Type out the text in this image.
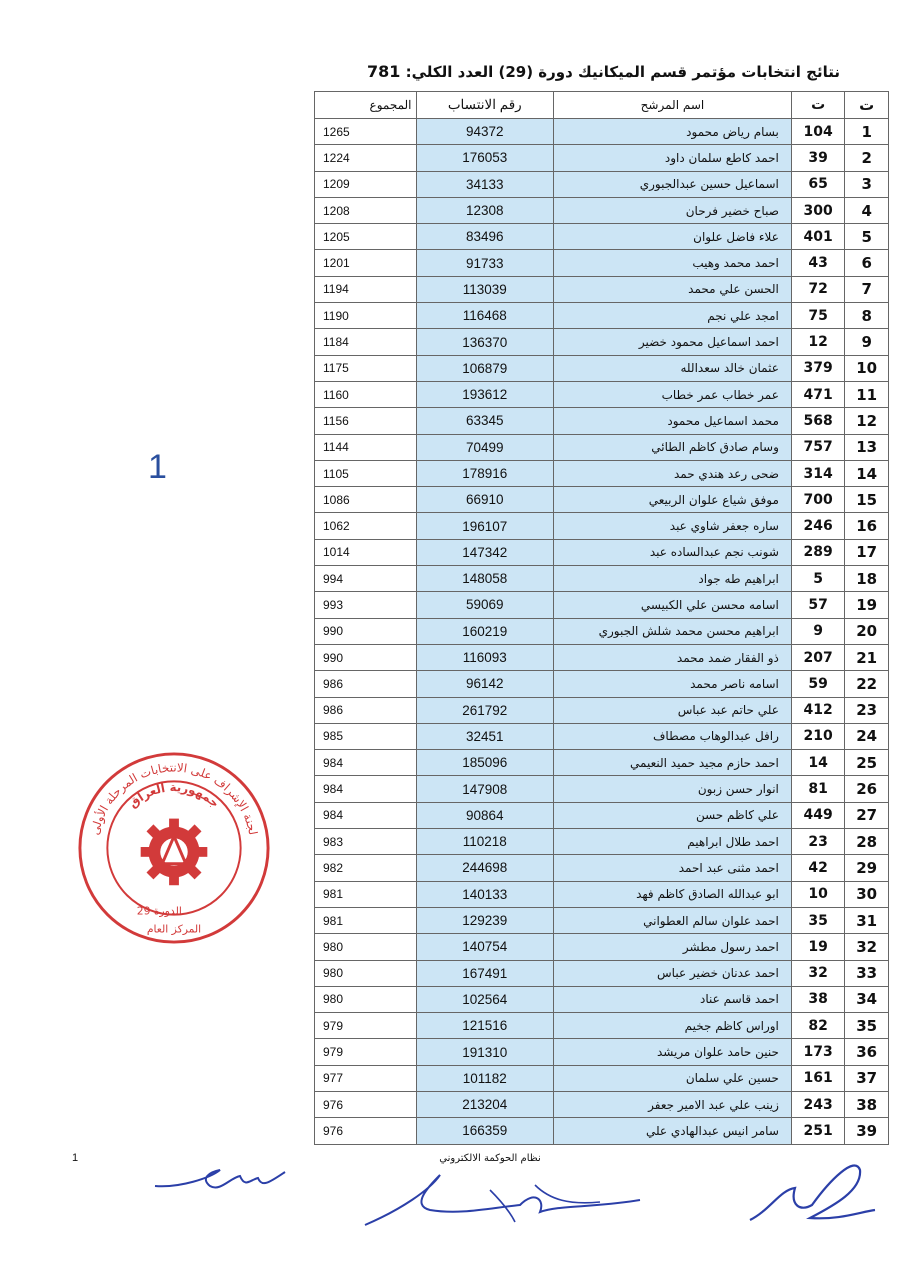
نتائج انتخابات مؤتمر قسم الميكانيك دورة (29) العدد الكلي: 781
ت	ت	اسم المرشح	رقم الانتساب	المجموع
1	104	بسام رياض محمود	94372	1265
2	39	احمد كاطع سلمان داود	176053	1224
3	65	اسماعيل حسين عبدالجبوري	34133	1209
4	300	صباح خضير فرحان	12308	1208
5	401	علاء فاضل علوان	83496	1205
6	43	احمد محمد وهيب	91733	1201
7	72	الحسن علي محمد	113039	1194
8	75	امجد علي نجم	116468	1190
9	12	احمد اسماعيل محمود خضير	136370	1184
10	379	عثمان خالد سعدالله	106879	1175
11	471	عمر خطاب عمر خطاب	193612	1160
12	568	محمد اسماعيل محمود	63345	1156
13	757	وسام صادق كاظم الطائي	70499	1144
14	314	ضحى رعد هندي حمد	178916	1105
15	700	موفق شياع علوان الربيعي	66910	1086
16	246	ساره جعفر شاوي عبد	196107	1062
17	289	شونب نجم عبدالساده عبد	147342	1014
18	5	ابراهيم طه جواد	148058	994
19	57	اسامه محسن علي الكبيسي	59069	993
20	9	ابراهيم محسن محمد شلش الجبوري	160219	990
21	207	ذو الفقار ضمد محمد	116093	990
22	59	اسامه ناصر محمد	96142	986
23	412	علي حاتم عبد عباس	261792	986
24	210	رافل عبدالوهاب مصطاف	32451	985
25	14	احمد حازم مجيد حميد النعيمي	185096	984
26	81	انوار حسن زبون	147908	984
27	449	علي كاظم حسن	90864	984
28	23	احمد طلال ابراهيم	110218	983
29	42	احمد مثنى عبد احمد	244698	982
30	10	ابو عبدالله الصادق كاظم فهد	140133	981
31	35	احمد علوان سالم العطواني	129239	981
32	19	احمد رسول مطشر	140754	980
33	32	احمد عدنان خضير عباس	167491	980
34	38	احمد قاسم عناد	102564	980
35	82	اوراس كاظم جخيم	121516	979
36	173	حنين حامد علوان مريشد	191310	979
37	161	حسين علي سلمان	101182	977
38	243	زينب علي عبد الامير جعفر	213204	976
39	251	سامر انيس عبدالهادي علي	166359	976
1
لجنة الإشراف على الانتخابات المرحلة الأولى
جمهورية العراق
الدورة 29
المركز العام
1	نظام الحوكمة الالكتروني
